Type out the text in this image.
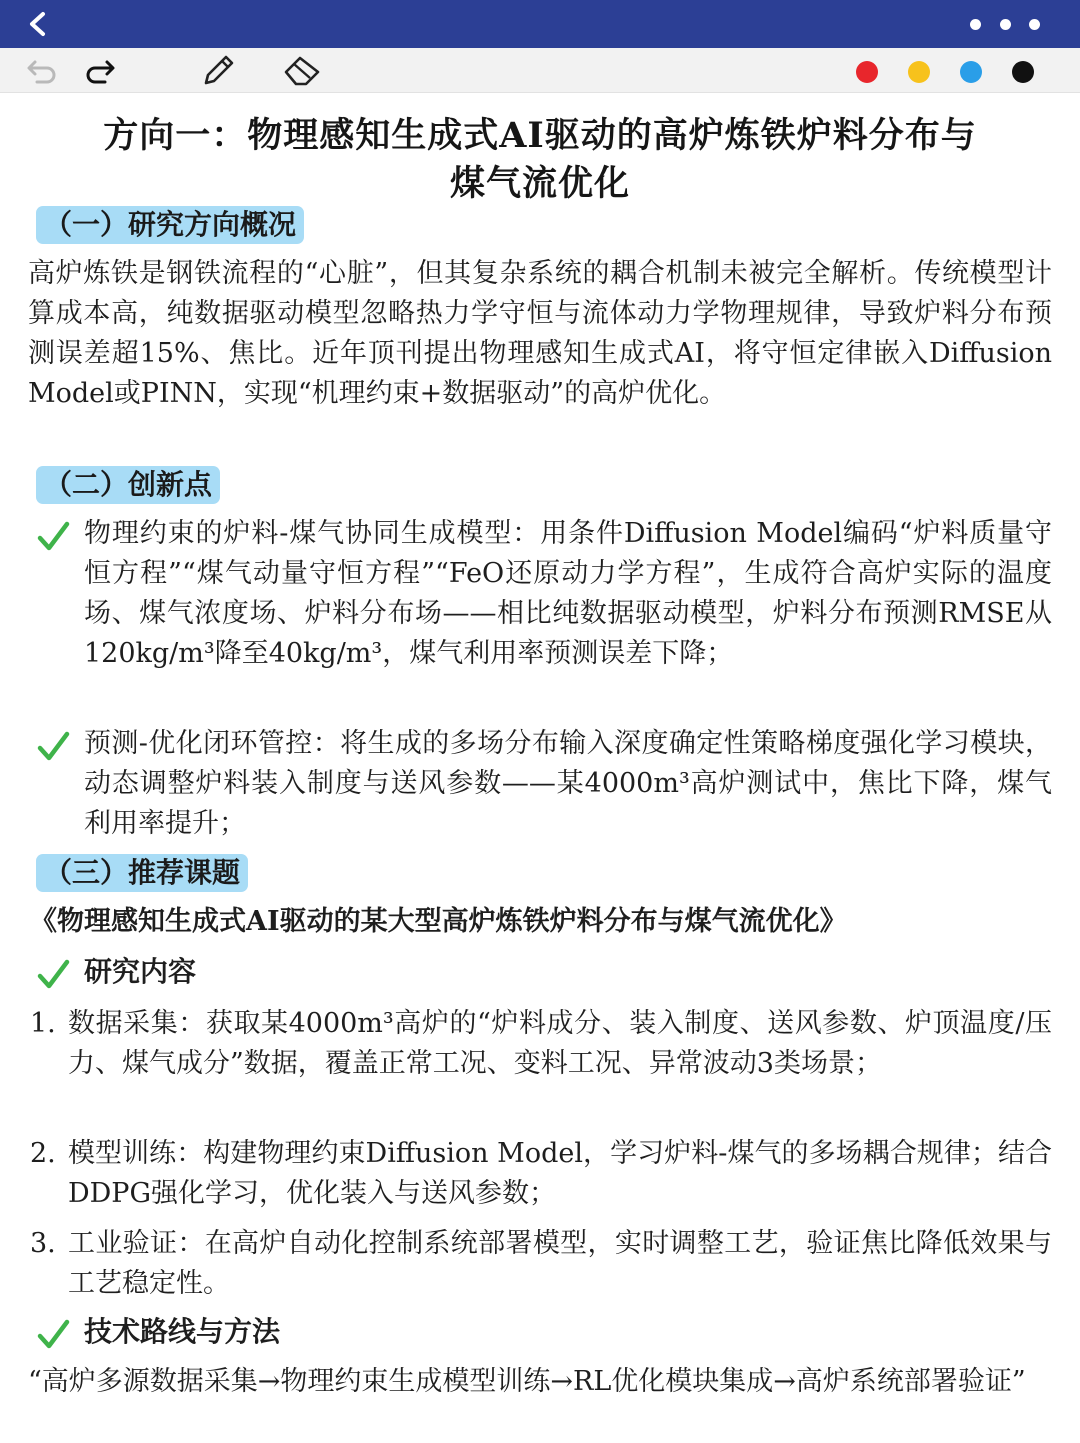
方向一：物理感知生成式AI驱动的高炉炼铁炉料分布与
煤气流优化
（一）研究方向概况
高炉炼铁是钢铁流程的“心脏”，但其复杂系统的耦合机制未被完全解析。传统模型计算成本高，纯数据驱动模型忽略热力学守恒与流体动力学物理规律，导致炉料分布预测误差超15%、焦比。近年顶刊提出物理感知生成式AI，将守恒定律嵌入Diffusion Model或PINN，实现“机理约束+数据驱动”的高炉优化。
（二）创新点
物理约束的炉料-煤气协同生成模型：用条件Diffusion Model编码“炉料质量守恒方程”“煤气动量守恒方程”“FeO还原动力学方程”，生成符合高炉实际的温度场、煤气浓度场、炉料分布场——相比纯数据驱动模型，炉料分布预测RMSE从120kg/m³降至40kg/m³，煤气利用率预测误差下降；
预测-优化闭环管控：将生成的多场分布输入深度确定性策略梯度强化学习模块，动态调整炉料装入制度与送风参数——某4000m³高炉测试中，焦比下降，煤气利用率提升；
（三）推荐课题
《物理感知生成式AI驱动的某大型高炉炼铁炉料分布与煤气流优化》
研究内容
1. 数据采集：获取某4000m³高炉的“炉料成分、装入制度、送风参数、炉顶温度/压力、煤气成分”数据，覆盖正常工况、变料工况、异常波动3类场景；
2. 模型训练：构建物理约束Diffusion Model，学习炉料-煤气的多场耦合规律；结合DDPG强化学习，优化装入与送风参数；
3. 工业验证：在高炉自动化控制系统部署模型，实时调整工艺，验证焦比降低效果与工艺稳定性。
技术路线与方法
“高炉多源数据采集→物理约束生成模型训练→RL优化模块集成→高炉系统部署验证”
